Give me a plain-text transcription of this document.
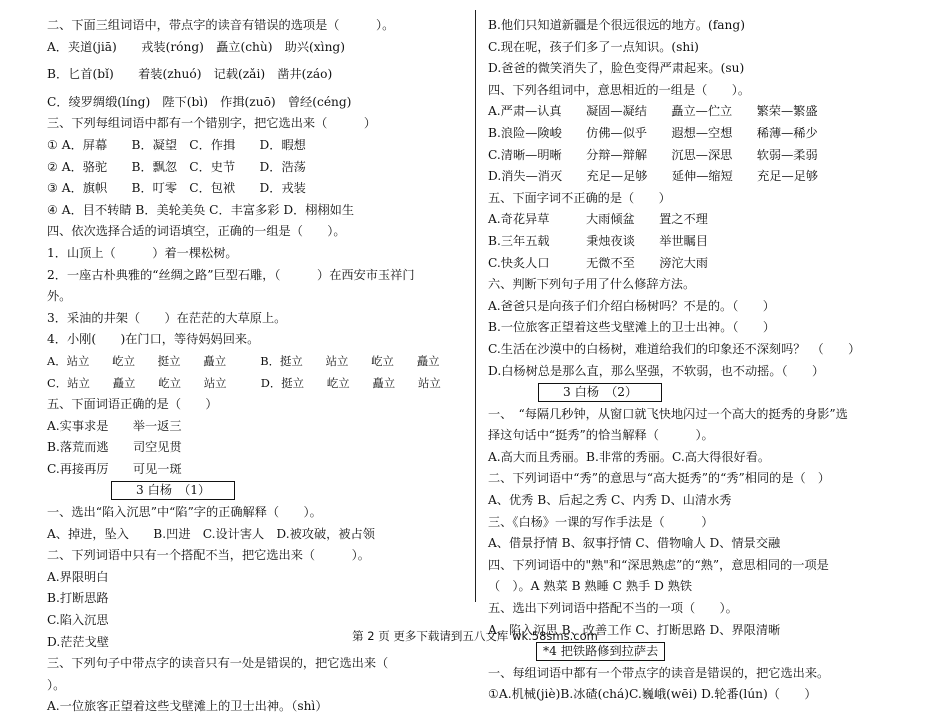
二、下面三组词语中，带点字的读音有错误的选项是（　　　）。
A．夹道(jiā)　　戎装(róng)　矗立(chù)　助兴(xìng)
B．匕首(bǐ)　　着装(zhuó)　记载(zǎi)　凿井(záo)
C．绫罗绸缎(líng)　陛下(bì)　作揖(zuō)　曾经(céng)
三、下列每组词语中都有一个错别字，把它选出来（　　　）
① A．屏幕　　B．凝望　C．作揖　　D．暇想
② A．骆驼　　B．飘忽　C．史节　　D．浩荡
③ A．旗帜　　B．叮零　C．包袱　　D．戎装
④ A．目不转睛 B．美轮美奂 C．丰富多彩 D．栩栩如生
四、依次选择合适的词语填空，正确的一组是（　　）。
1．山顶上（　　　）着一棵松树。
2．一座古朴典雅的“丝绸之路”巨型石雕，（　　　）在西安市玉祥门
外。
3．采油的井架（　　）在茫茫的大草原上。
4．小刚(　　)在门口，等待妈妈回来。
A．站立　　屹立　　挺立　　矗立　　　B．挺立　　站立　　屹立　　矗立
C．站立　　矗立　　屹立　　站立　　　D．挺立　　屹立　　矗立　　站立
五、下面词语正确的是（　　）
A.实事求是　　举一返三
B.落荒而逃　　司空见贯
C.再接再厉　　可见一斑
3 白杨　（1）
一、选出“陷入沉思”中“陷”字的正确解释（　　）。
A、掉进，坠入　　B.凹进　C.设计害人　D.被攻破，被占领
二、下列词语中只有一个搭配不当，把它选出来（　　　）。
A.界限明白
B.打断思路
C.陷入沉思
D.茫茫戈壁
三、下列句子中带点字的读音只有一处是错误的，把它选出来（
）。
A.一位旅客正望着这些戈壁滩上的卫士出神。（shì）
B.他们只知道新疆是个很远很远的地方。(fang)
C.现在呢，孩子们多了一点知识。(shi)
D.爸爸的微笑消失了，脸色变得严肃起来。(su)
四、下列各组词中，意思相近的一组是（　　）。
A.严肃—认真　　凝固—凝结　　矗立—伫立　　繁荣—繁盛
B.浪险—険峻　　仿佛—似乎　　遐想—空想　　稀薄—稀少
C.清晰—明晰　　分辩—辩解　　沉思—深思　　软弱—柔弱
D.消失—消灭　　充足—足够　　延伸—缩短　　充足—足够
五、下面字词不正确的是（　　）
A.奇花异草　　　大雨倾盆　　置之不理
B.三年五载　　　秉烛夜谈　　举世瞩目
C.快炙人口　　　无微不至　　滂沱大雨
六、判断下列句子用了什么修辞方法。
A.爸爸只是向孩子们介绍白杨树吗？不是的。（　　）
B.一位旅客正望着这些戈壁滩上的卫士出神。（　　）
C.生活在沙漠中的白杨树，难道给我们的印象还不深刻吗？　（　　）
D.白杨树总是那么直，那么坚强，不软弱，也不动摇。（　　）
3 白杨　（2）
一、　“每隔几秒钟，从窗口就飞快地闪过一个高大的挺秀的身影”选
择这句话中“挺秀”的恰当解释（　　　）。
A.高大而且秀丽。B.非常的秀丽。C.高大得很好看。
二、下列词语中“秀”的意思与“高大挺秀”的“秀”相同的是（　）
A、优秀 B、后起之秀 C、内秀 D、山清水秀
三、《白杨》一课的写作手法是（　　　）
A、借景抒情 B、叙事抒情 C、借物喻人 D、情景交融
四、下列词语中的"熟"和“深思熟虑”的“熟”，意思相同的一项是
（　）。A 熟菜 B 熟睡 C 熟手 D 熟铁
五、选出下列词语中搭配不当的一项（　　）。
A、陷入沉思 B、改善工作 C、打断思路 D、界限清晰
*4 把铁路修到拉萨去
一、每组词语中都有一个带点字的读音是错误的，把它选出来。
①A.机械(jiè)B.冰碴(chá)C.巍峨(wēi) D.轮番(lún)（　　）
第 2 页 更多下载请到五八文库 wk.58sms.com
